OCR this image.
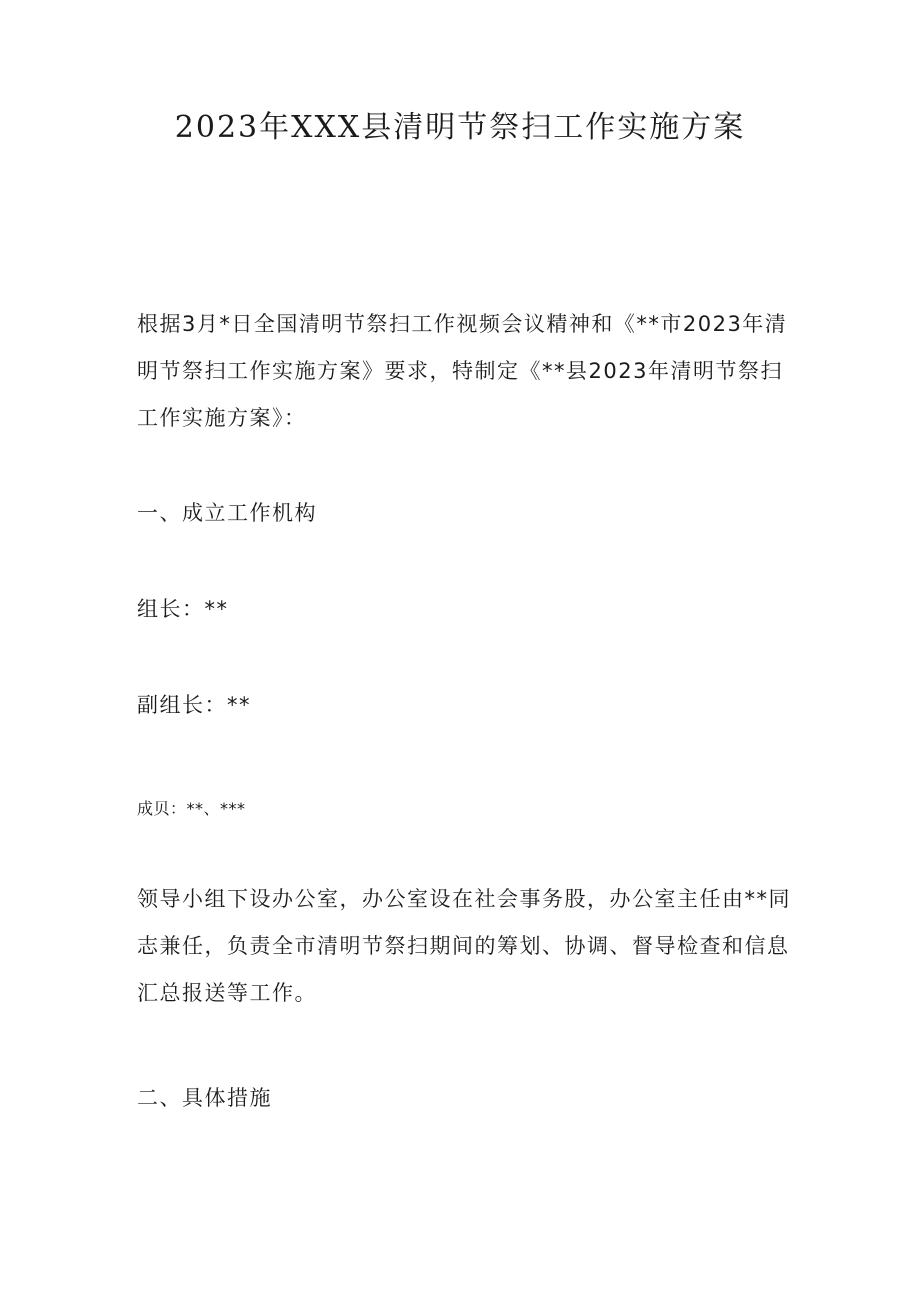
2023年XXX县清明节祭扫工作实施方案

根据3月*日全国清明节祭扫工作视频会议精神和《**市2023年清明节祭扫工作实施方案》要求，特制定《**县2023年清明节祭扫工作实施方案》：

一、成立工作机构

组长：**

副组长：**

成贝：**、***

领导小组下设办公室，办公室设在社会事务股，办公室主任由**同志兼任，负责全市清明节祭扫期间的筹划、协调、督导检查和信息汇总报送等工作。

二、具体措施
